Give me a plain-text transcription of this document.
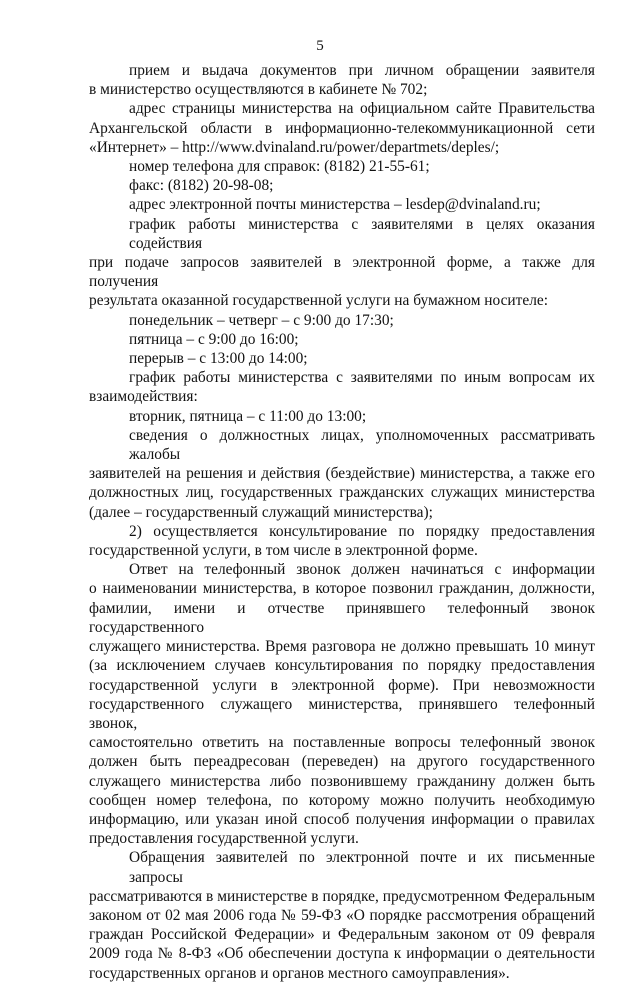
5
прием и выдача документов при личном обращении заявителя
в министерство осуществляются в кабинете № 702;
адрес страницы министерства на официальном сайте Правительства
Архангельской области в информационно-телекоммуникационной сети
«Интернет» – http://www.dvinaland.ru/power/departmets/deples/;
номер телефона для справок: (8182) 21-55-61;
факс: (8182) 20-98-08;
адрес электронной почты министерства – lesdep@dvinaland.ru;
график работы министерства с заявителями в целях оказания содействия
при подаче запросов заявителей в электронной форме, а также для получения
результата оказанной государственной услуги на бумажном носителе:
понедельник – четверг – с 9:00 до 17:30;
пятница – с 9:00 до 16:00;
перерыв – с 13:00 до 14:00;
график работы министерства с заявителями по иным вопросам их
взаимодействия:
вторник, пятница – с 11:00 до 13:00;
сведения о должностных лицах, уполномоченных рассматривать жалобы
заявителей на решения и действия (бездействие) министерства, а также его
должностных лиц, государственных гражданских служащих министерства
(далее – государственный служащий министерства);
2) осуществляется консультирование по порядку предоставления
государственной услуги, в том числе в электронной форме.
Ответ на телефонный звонок должен начинаться с информации
о наименовании министерства, в которое позвонил гражданин, должности,
фамилии, имени и отчестве принявшего телефонный звонок государственного
служащего министерства. Время разговора не должно превышать 10 минут
(за исключением случаев консультирования по порядку предоставления
государственной услуги в электронной форме). При невозможности
государственного служащего министерства, принявшего телефонный звонок,
самостоятельно ответить на поставленные вопросы телефонный звонок
должен быть переадресован (переведен) на другого государственного
служащего министерства либо позвонившему гражданину должен быть
сообщен номер телефона, по которому можно получить необходимую
информацию, или указан иной способ получения информации о правилах
предоставления государственной услуги.
Обращения заявителей по электронной почте и их письменные запросы
рассматриваются в министерстве в порядке, предусмотренном Федеральным
законом от 02 мая 2006 года № 59-ФЗ «О порядке рассмотрения обращений
граждан Российской Федерации» и Федеральным законом от 09 февраля
2009 года № 8-ФЗ «Об обеспечении доступа к информации о деятельности
государственных органов и органов местного самоуправления».
